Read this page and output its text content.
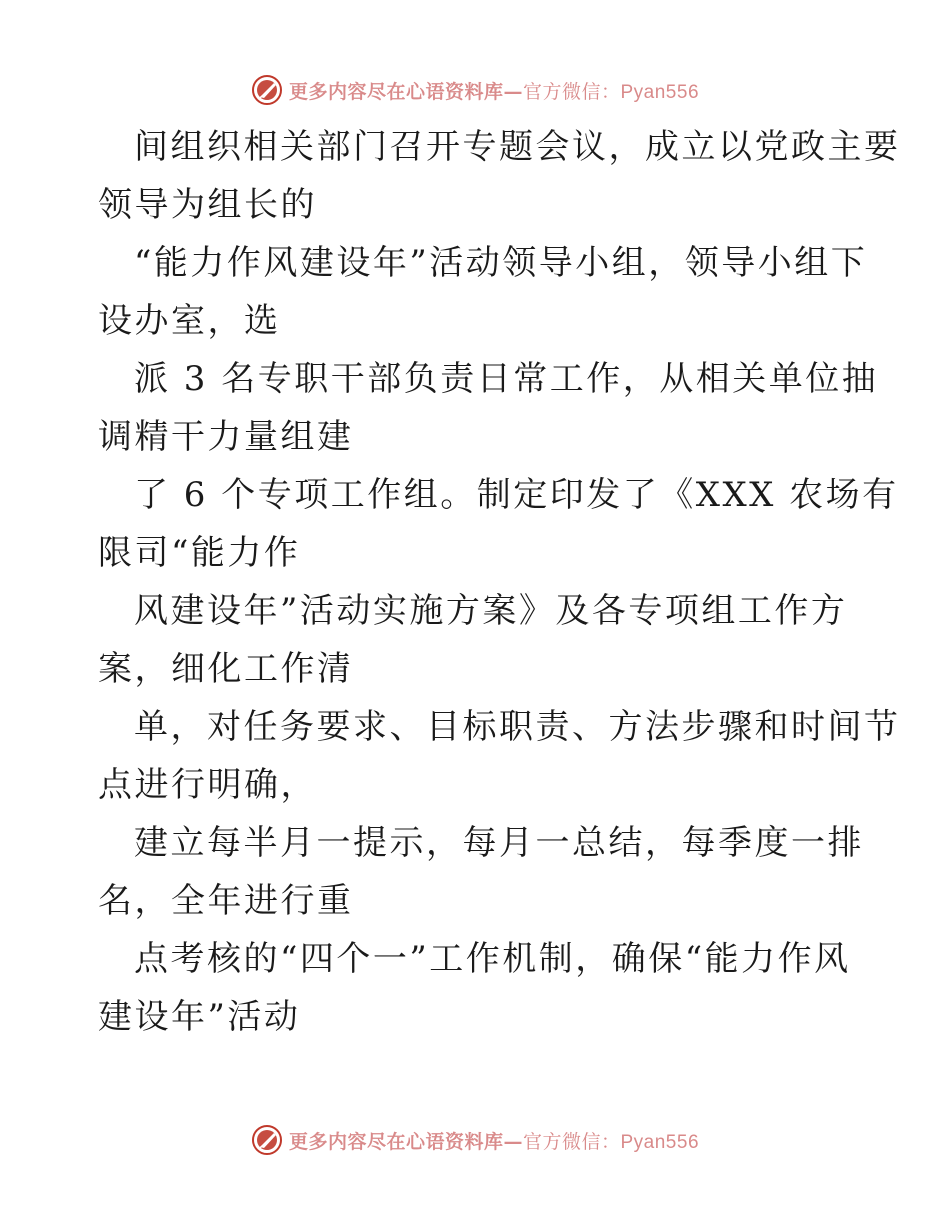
更多内容尽在心语资料库— 官方微信：Pyan556
间组织相关部门召开专题会议，成立以党政主要
领导为组长的
“能力作风建设年”活动领导小组，领导小组下
设办室，选
派 3 名专职干部负责日常工作，从相关单位抽
调精干力量组建
了 6 个专项工作组。制定印发了《XXX 农场有
限司“能力作
风建设年”活动实施方案》及各专项组工作方
案，细化工作清
单，对任务要求、目标职责、方法步骤和时间节
点进行明确，
建立每半月一提示，每月一总结，每季度一排
名，全年进行重
点考核的“四个一”工作机制，确保“能力作风
建设年”活动
更多内容尽在心语资料库— 官方微信：Pyan556
